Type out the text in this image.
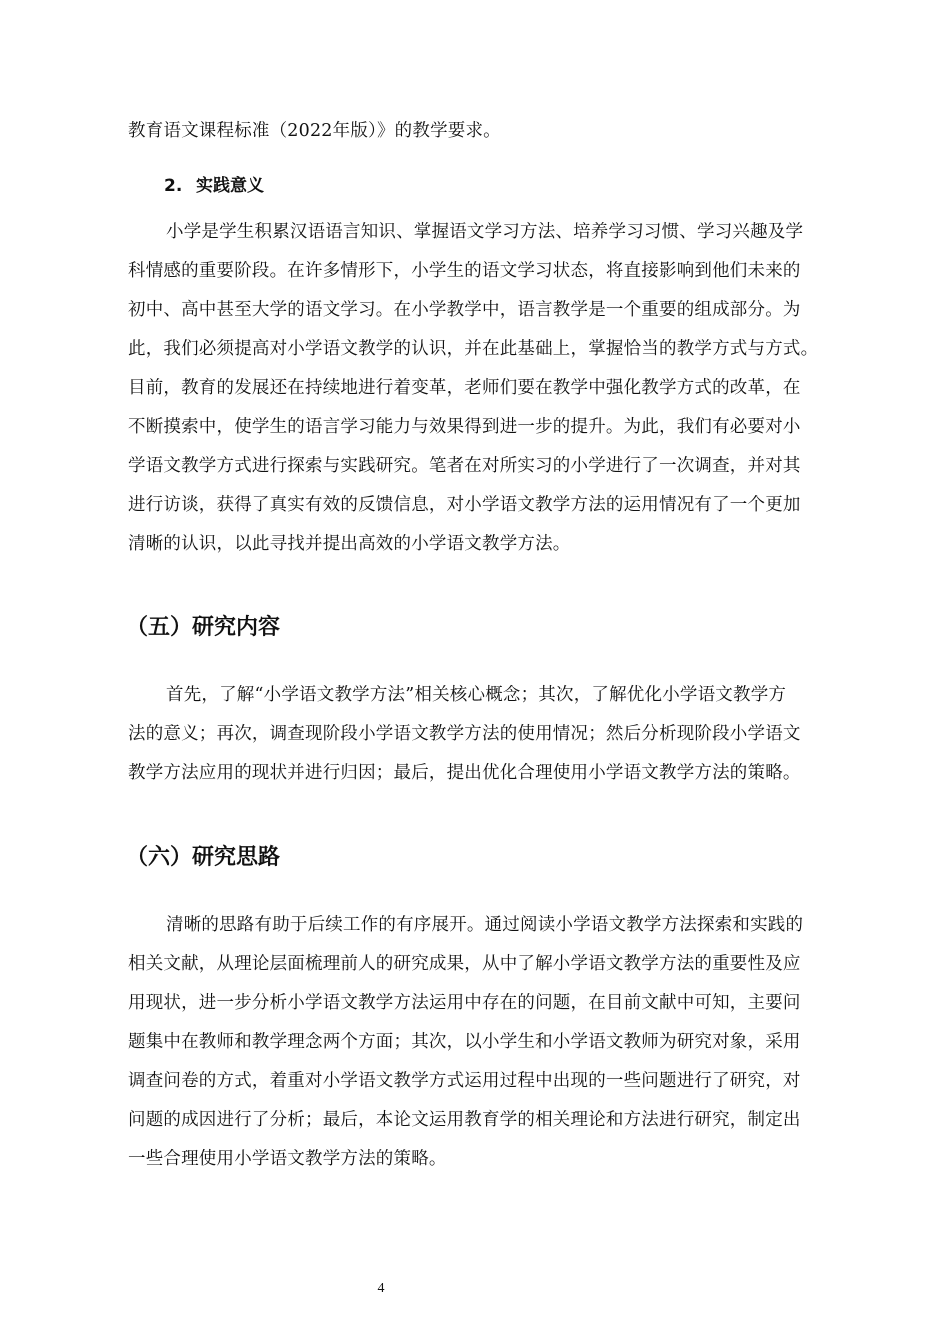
教育语文课程标准（2022年版）》的教学要求。
2. 实践意义
小学是学生积累汉语语言知识、掌握语文学习方法、培养学习习惯、学习兴趣及学
科情感的重要阶段。在许多情形下，小学生的语文学习状态，将直接影响到他们未来的
初中、高中甚至大学的语文学习。在小学教学中，语言教学是一个重要的组成部分。为
此，我们必须提高对小学语文教学的认识，并在此基础上，掌握恰当的教学方式与方式。
目前，教育的发展还在持续地进行着变革，老师们要在教学中强化教学方式的改革，在
不断摸索中，使学生的语言学习能力与效果得到进一步的提升。为此，我们有必要对小
学语文教学方式进行探索与实践研究。笔者在对所实习的小学进行了一次调查，并对其
进行访谈，获得了真实有效的反馈信息，对小学语文教学方法的运用情况有了一个更加
清晰的认识，以此寻找并提出高效的小学语文教学方法。
（五）研究内容
首先，了解“小学语文教学方法”相关核心概念；其次，了解优化小学语文教学方
法的意义；再次，调查现阶段小学语文教学方法的使用情况；然后分析现阶段小学语文
教学方法应用的现状并进行归因；最后，提出优化合理使用小学语文教学方法的策略。
（六）研究思路
清晰的思路有助于后续工作的有序展开。通过阅读小学语文教学方法探索和实践的
相关文献，从理论层面梳理前人的研究成果，从中了解小学语文教学方法的重要性及应
用现状，进一步分析小学语文教学方法运用中存在的问题，在目前文献中可知，主要问
题集中在教师和教学理念两个方面；其次，以小学生和小学语文教师为研究对象，采用
调查问卷的方式，着重对小学语文教学方式运用过程中出现的一些问题进行了研究，对
问题的成因进行了分析；最后，本论文运用教育学的相关理论和方法进行研究，制定出
一些合理使用小学语文教学方法的策略。
4
